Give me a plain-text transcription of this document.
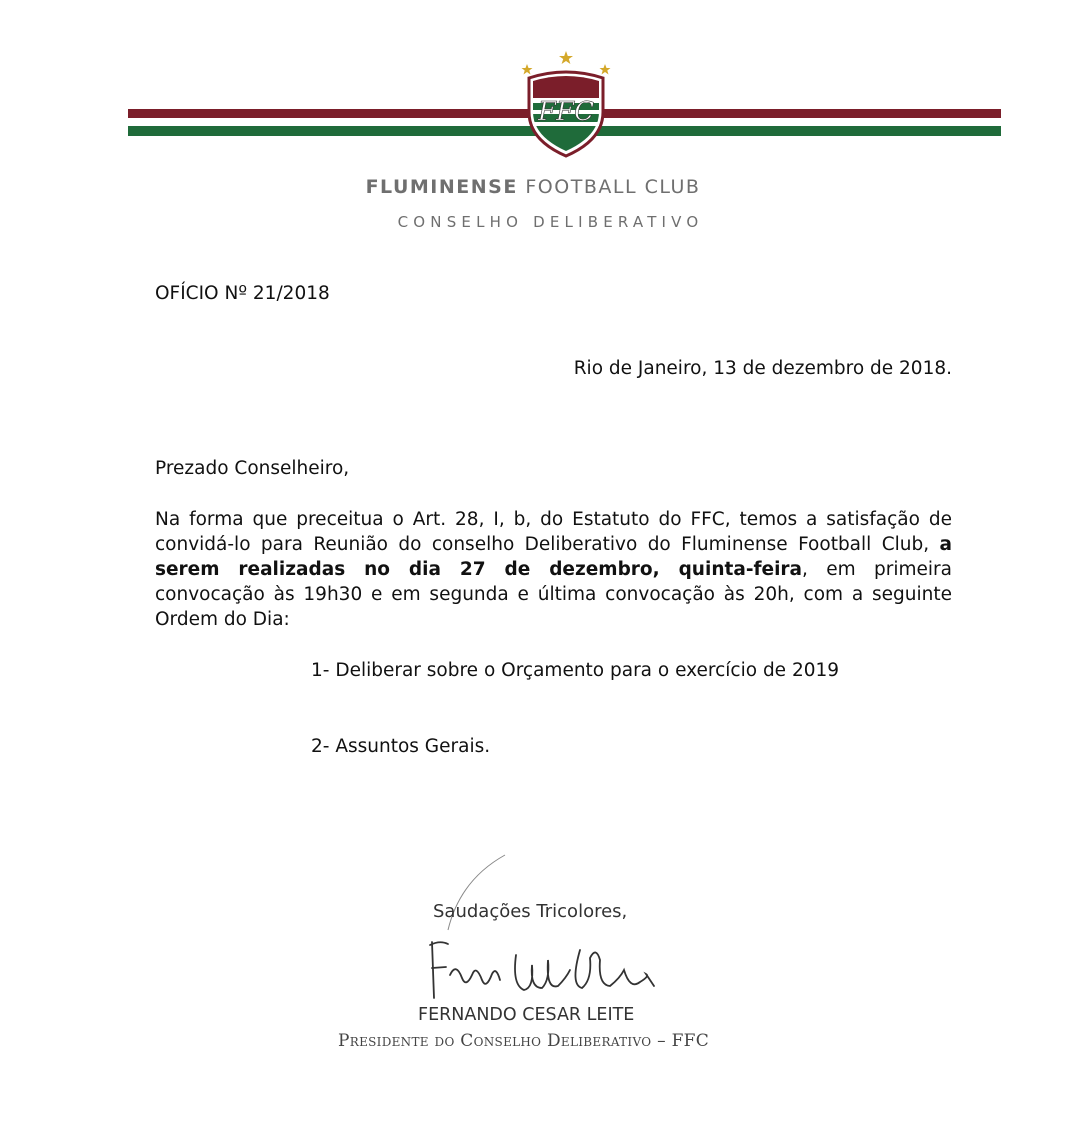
FFC
FLUMINENSE FOOTBALL CLUB
CONSELHO DELIBERATIVO
OFÍCIO Nº 21/2018
Rio de Janeiro, 13 de dezembro de 2018.
Prezado Conselheiro,
Na forma que preceitua o Art. 28, I, b, do Estatuto do FFC, temos a satisfação de convidá-lo para Reunião do conselho Deliberativo do Fluminense Football Club, a serem realizadas no dia 27 de dezembro, quinta-feira, em primeira convocação às 19h30 e em segunda e última convocação às 20h, com a seguinte Ordem do Dia:
1- Deliberar sobre o Orçamento para o exercício de 2019
2- Assuntos Gerais.
Saudações Tricolores,
FERNANDO CESAR LEITE
Presidente do Conselho Deliberativo – FFC
